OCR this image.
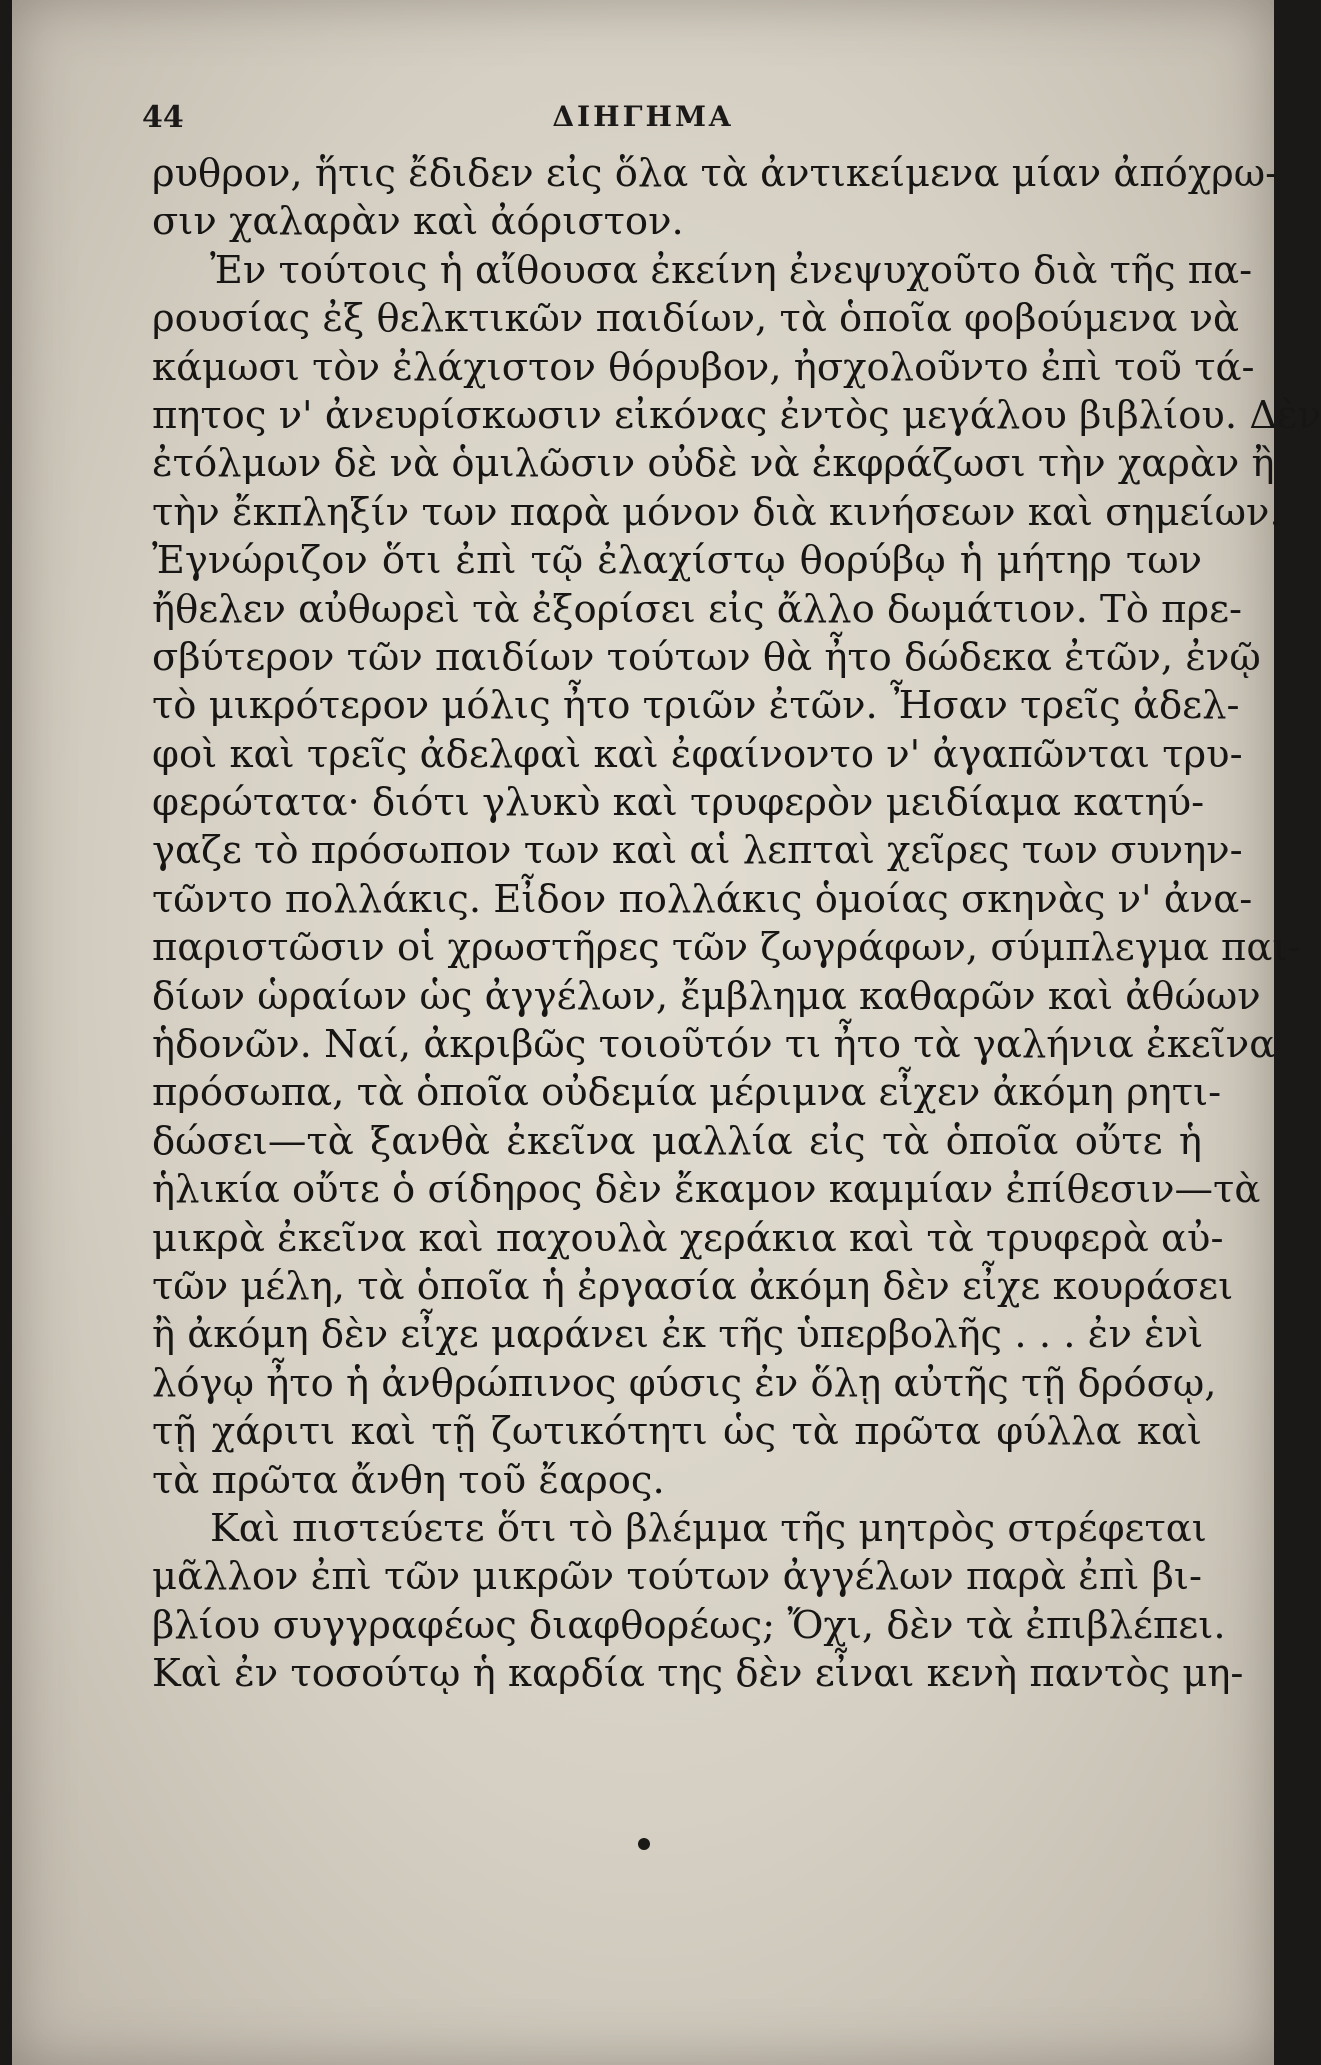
44	ΔΙΗΓΗΜΑ
ρυθρον, ἥτις ἔδιδεν εἰς ὅλα τὰ ἀντικείμενα μίαν ἀπόχρω-
σιν χαλαρὰν καὶ ἀόριστον.
Ἐν τούτοις ἡ αἴθουσα ἐκείνη ἐνεψυχοῦτο διὰ τῆς πα-
ρουσίας ἐξ θελκτικῶν παιδίων, τὰ ὁποῖα φοβούμενα νὰ
κάμωσι τὸν ἐλάχιστον θόρυβον, ἠσχολοῦντο ἐπὶ τοῦ τά-
πητος ν' ἀνευρίσκωσιν εἰκόνας ἐντὸς μεγάλου βιβλίου. Δὲν
ἐτόλμων δὲ νὰ ὁμιλῶσιν οὐδὲ νὰ ἐκφράζωσι τὴν χαρὰν ἢ
τὴν ἔκπληξίν των παρὰ μόνον διὰ κινήσεων καὶ σημείων.
Ἐγνώριζον ὅτι ἐπὶ τῷ ἐλαχίστῳ θορύβῳ ἡ μήτηρ των
ἤθελεν αὐθωρεὶ τὰ ἐξορίσει εἰς ἄλλο δωμάτιον. Τὸ πρε-
σβύτερον τῶν παιδίων τούτων θὰ ἦτο δώδεκα ἐτῶν, ἐνῷ
τὸ μικρότερον μόλις ἦτο τριῶν ἐτῶν. Ἦσαν τρεῖς ἀδελ-
φοὶ καὶ τρεῖς ἀδελφαὶ καὶ ἐφαίνοντο ν' ἀγαπῶνται τρυ-
φερώτατα· διότι γλυκὺ καὶ τρυφερὸν μειδίαμα κατηύ-
γαζε τὸ πρόσωπον των καὶ αἱ λεπταὶ χεῖρες των συνην-
τῶντο πολλάκις. Εἶδον πολλάκις ὁμοίας σκηνὰς ν' ἀνα-
παριστῶσιν οἱ χρωστῆρες τῶν ζωγράφων, σύμπλεγμα παι-
δίων ὡραίων ὡς ἀγγέλων, ἔμβλημα καθαρῶν καὶ ἀθώων
ἡδονῶν. Ναί, ἀκριβῶς τοιοῦτόν τι ἦτο τὰ γαλήνια ἐκεῖνα
πρόσωπα, τὰ ὁποῖα οὐδεμία μέριμνα εἶχεν ἀκόμη ρητι-
δώσει—τὰ ξανθὰ ἐκεῖνα μαλλία εἰς τὰ ὁποῖα οὔτε ἡ
ἡλικία οὔτε ὁ σίδηρος δὲν ἔκαμον καμμίαν ἐπίθεσιν—τὰ
μικρὰ ἐκεῖνα καὶ παχουλὰ χεράκια καὶ τὰ τρυφερὰ αὐ-
τῶν μέλη, τὰ ὁποῖα ἡ ἐργασία ἀκόμη δὲν εἶχε κουράσει
ἢ ἀκόμη δὲν εἶχε μαράνει ἐκ τῆς ὑπερβολῆς . . . ἐν ἑνὶ
λόγῳ ἦτο ἡ ἀνθρώπινος φύσις ἐν ὅλῃ αὐτῆς τῇ δρόσῳ,
τῇ χάριτι καὶ τῇ ζωτικότητι ὡς τὰ πρῶτα φύλλα καὶ
τὰ πρῶτα ἄνθη τοῦ ἔαρος.
Καὶ πιστεύετε ὅτι τὸ βλέμμα τῆς μητρὸς στρέφεται
μᾶλλον ἐπὶ τῶν μικρῶν τούτων ἀγγέλων παρὰ ἐπὶ βι-
βλίου συγγραφέως διαφθορέως; Ὄχι, δὲν τὰ ἐπιβλέπει.
Καὶ ἐν τοσούτῳ ἡ καρδία της δὲν εἶναι κενὴ παντὸς μη-
